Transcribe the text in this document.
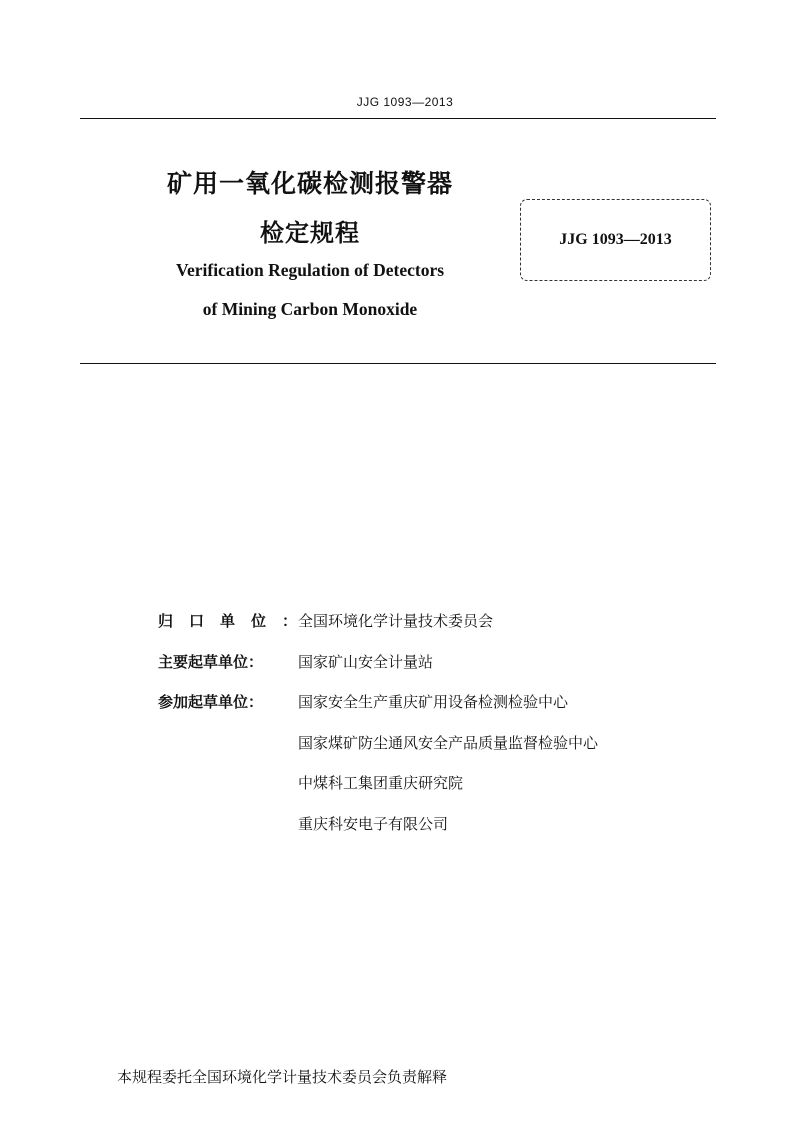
JJG 1093—2013
矿用一氧化碳检测报警器
检定规程
Verification Regulation of Detectors
of Mining Carbon Monoxide
JJG 1093—2013
归口单位： 全国环境化学计量技术委员会
主要起草单位：	国家矿山安全计量站
参加起草单位：	国家安全生产重庆矿用设备检测检验中心
国家煤矿防尘通风安全产品质量监督检验中心
中煤科工集团重庆研究院
重庆科安电子有限公司
本规程委托全国环境化学计量技术委员会负责解释
